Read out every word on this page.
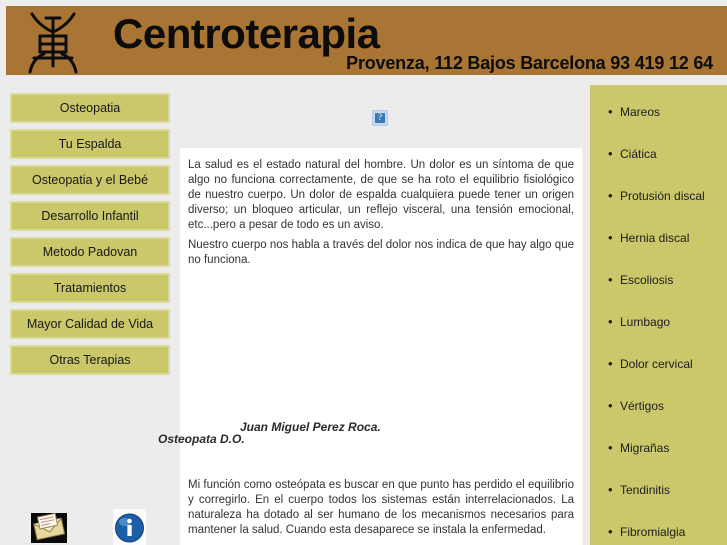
Centroterapia
Provenza, 112 Bajos Barcelona 93 419 12 64
Osteopatia
Tu Espalda
Osteopatia y el Bebé
Desarrollo Infantil
Metodo Padovan
Tratamientos
Mayor Calidad de Vida
Otras Terapias
?
La salud es el estado natural del hombre. Un dolor es un síntoma de que algo no funciona correctamente, de que se ha roto el equilibrio fisiológico de nuestro cuerpo. Un dolor de espalda cualquiera puede tener un origen diverso; un bloqueo articular, un reflejo visceral, una tensión emocional, etc...pero a pesar de todo es un aviso.
Nuestro cuerpo nos habla a través del dolor nos indica de que hay algo que no funciona.
Mi función como osteópata es buscar en que punto has perdido el equilibrio y corregirlo. En el cuerpo todos los sistemas están interrelacionados. La naturaleza ha dotado al ser humano de los mecanismos necesarios para mantener la salud. Cuando esta desaparece se instala la enfermedad.
Juan Miguel Perez Roca.
Osteopata D.O.
• Mareos
• Ciática
• Protusión discal
• Hernia discal
• Escoliosis
• Lumbago
• Dolor cervical
• Vértigos
• Migrañas
• Tendinitis
• Fibromialgia
